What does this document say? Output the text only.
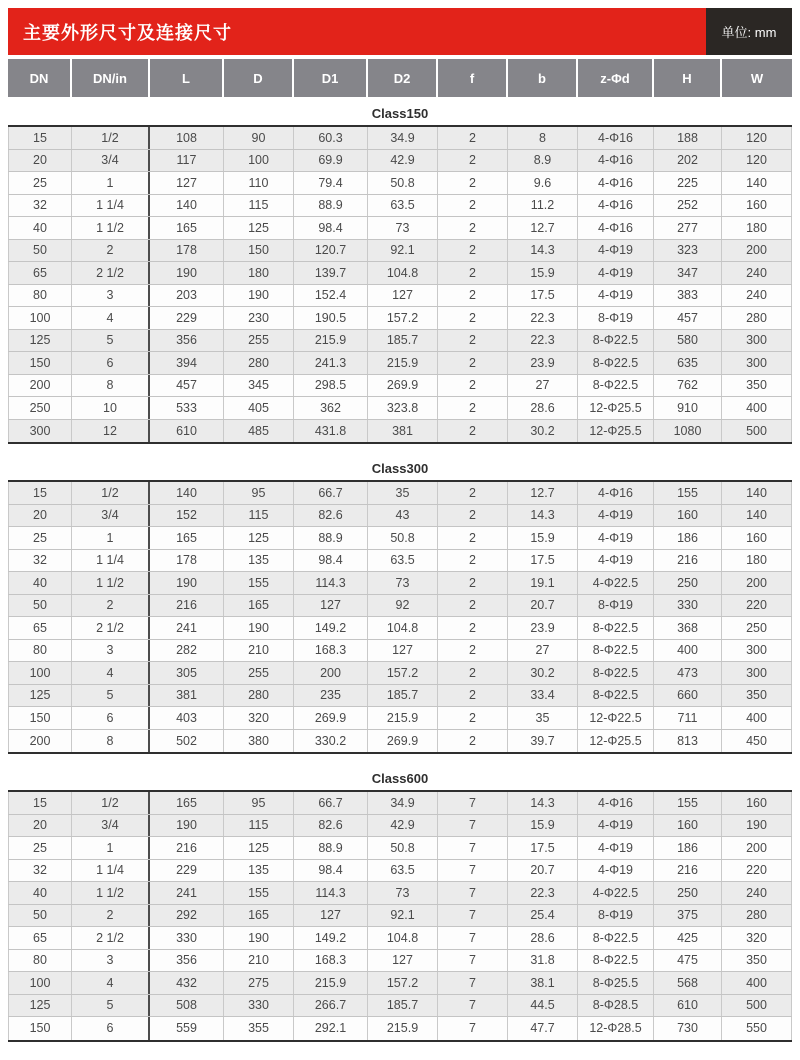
主要外形尺寸及连接尺寸	单位: mm
DN	DN/in	L	D	D1	D2	f	b	z-Φd	H	W
Class150
15	1/2	108	90	60.3	34.9	2	8	4-Φ16	188	120
20	3/4	117	100	69.9	42.9	2	8.9	4-Φ16	202	120
25	1	127	110	79.4	50.8	2	9.6	4-Φ16	225	140
32	1 1/4	140	115	88.9	63.5	2	11.2	4-Φ16	252	160
40	1 1/2	165	125	98.4	73	2	12.7	4-Φ16	277	180
50	2	178	150	120.7	92.1	2	14.3	4-Φ19	323	200
65	2 1/2	190	180	139.7	104.8	2	15.9	4-Φ19	347	240
80	3	203	190	152.4	127	2	17.5	4-Φ19	383	240
100	4	229	230	190.5	157.2	2	22.3	8-Φ19	457	280
125	5	356	255	215.9	185.7	2	22.3	8-Φ22.5	580	300
150	6	394	280	241.3	215.9	2	23.9	8-Φ22.5	635	300
200	8	457	345	298.5	269.9	2	27	8-Φ22.5	762	350
250	10	533	405	362	323.8	2	28.6	12-Φ25.5	910	400
300	12	610	485	431.8	381	2	30.2	12-Φ25.5	1080	500
Class300
15	1/2	140	95	66.7	35	2	12.7	4-Φ16	155	140
20	3/4	152	115	82.6	43	2	14.3	4-Φ19	160	140
25	1	165	125	88.9	50.8	2	15.9	4-Φ19	186	160
32	1 1/4	178	135	98.4	63.5	2	17.5	4-Φ19	216	180
40	1 1/2	190	155	114.3	73	2	19.1	4-Φ22.5	250	200
50	2	216	165	127	92	2	20.7	8-Φ19	330	220
65	2 1/2	241	190	149.2	104.8	2	23.9	8-Φ22.5	368	250
80	3	282	210	168.3	127	2	27	8-Φ22.5	400	300
100	4	305	255	200	157.2	2	30.2	8-Φ22.5	473	300
125	5	381	280	235	185.7	2	33.4	8-Φ22.5	660	350
150	6	403	320	269.9	215.9	2	35	12-Φ22.5	711	400
200	8	502	380	330.2	269.9	2	39.7	12-Φ25.5	813	450
Class600
15	1/2	165	95	66.7	34.9	7	14.3	4-Φ16	155	160
20	3/4	190	115	82.6	42.9	7	15.9	4-Φ19	160	190
25	1	216	125	88.9	50.8	7	17.5	4-Φ19	186	200
32	1 1/4	229	135	98.4	63.5	7	20.7	4-Φ19	216	220
40	1 1/2	241	155	114.3	73	7	22.3	4-Φ22.5	250	240
50	2	292	165	127	92.1	7	25.4	8-Φ19	375	280
65	2 1/2	330	190	149.2	104.8	7	28.6	8-Φ22.5	425	320
80	3	356	210	168.3	127	7	31.8	8-Φ22.5	475	350
100	4	432	275	215.9	157.2	7	38.1	8-Φ25.5	568	400
125	5	508	330	266.7	185.7	7	44.5	8-Φ28.5	610	500
150	6	559	355	292.1	215.9	7	47.7	12-Φ28.5	730	550
